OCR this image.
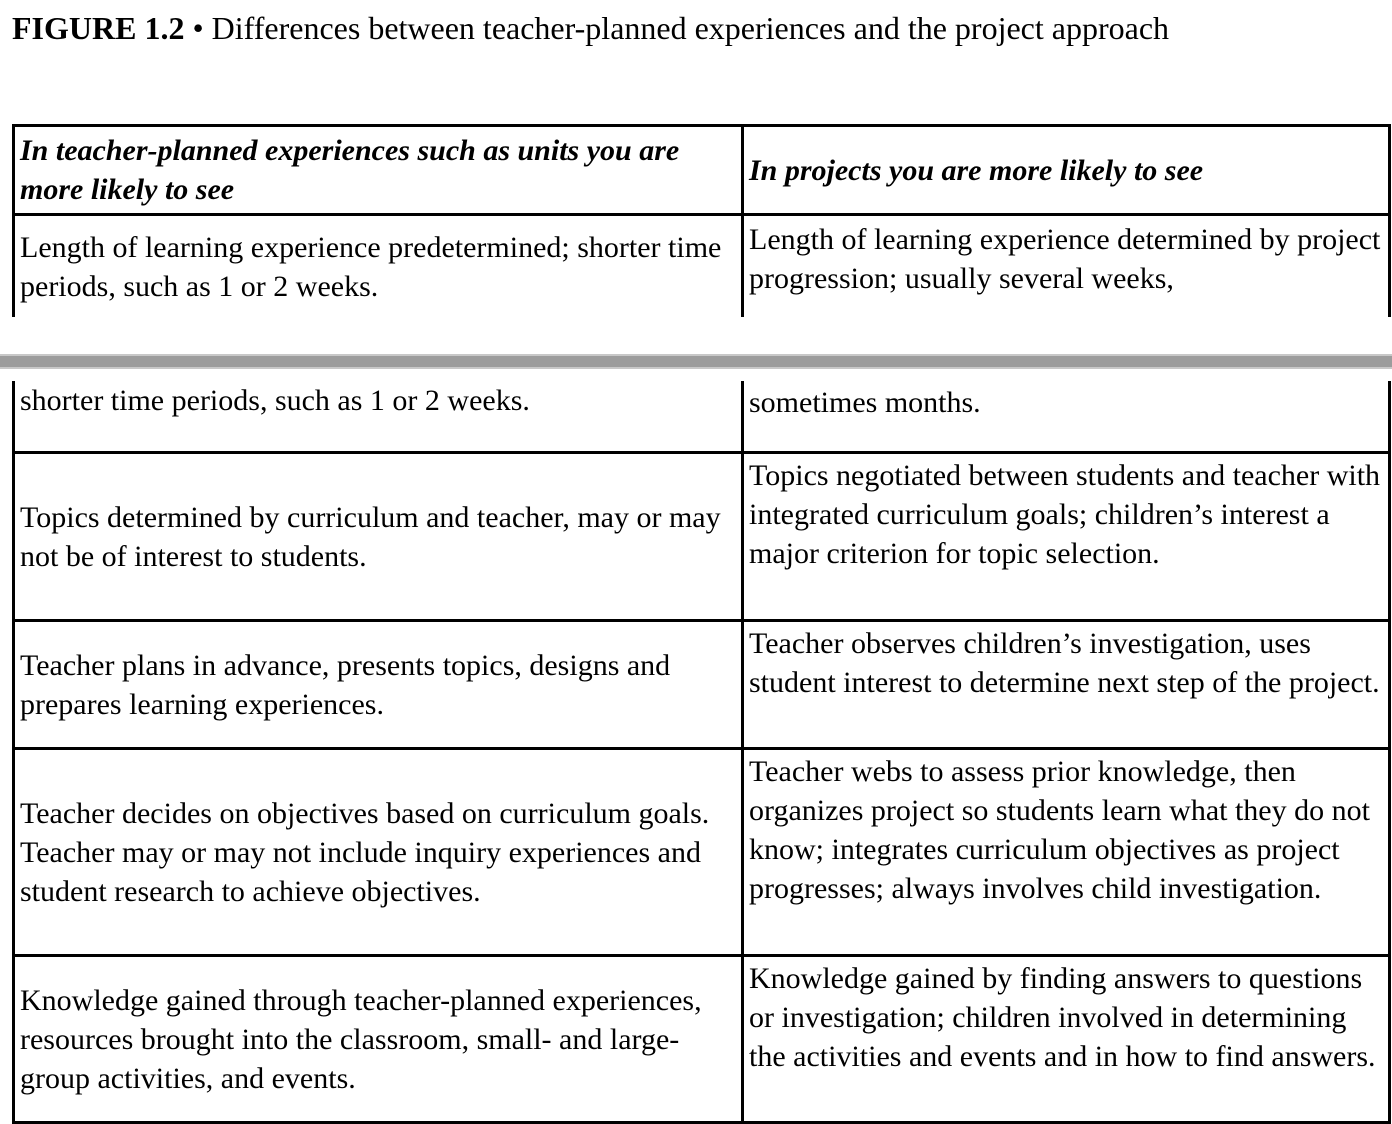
FIGURE 1.2 • Differences between teacher-planned experiences and the project approach
In teacher-planned experiences such as units you are more likely to see	In projects you are more likely to see
Length of learning experience predetermined; shorter time periods, such as 1 or 2 weeks.	Length of learning experience determined by project progression; usually several weeks,
shorter time periods, such as 1 or 2 weeks.	sometimes months.
Topics determined by curriculum and teacher, may or may not be of interest to students.	Topics negotiated between students and teacher with integrated curriculum goals; children’s interest a major criterion for topic selection.
Teacher plans in advance, presents topics, designs and prepares learning experiences.	Teacher observes children’s investigation, uses student interest to determine next step of the project.
Teacher decides on objectives based on curriculum goals. Teacher may or may not include inquiry experiences and student research to achieve objectives.	Teacher webs to assess prior knowledge, then organizes project so students learn what they do not know; integrates curriculum objectives as project progresses; always involves child investigation.
Knowledge gained through teacher-planned experiences, resources brought into the classroom, small- and large-group activities, and events.	Knowledge gained by finding answers to questions or investigation; children involved in determining the activities and events and in how to find answers.
